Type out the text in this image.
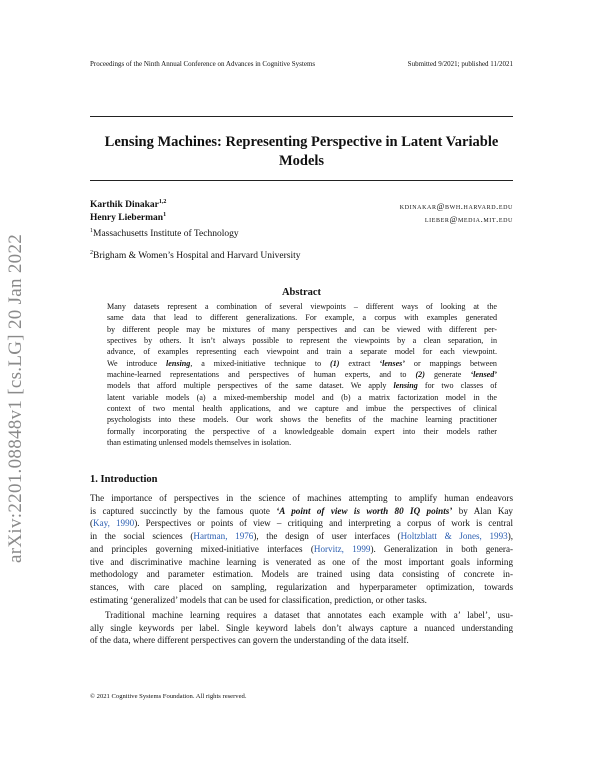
arXiv:2201.08848v1 [cs.LG] 20 Jan 2022
Proceedings of the Ninth Annual Conference on Advances in Cognitive Systems	Submitted 9/2021; published 11/2021
Lensing Machines: Representing Perspective in Latent Variable
Models
Karthik Dinakar$^{1,2}$	kdinakar@bwh.harvard.edu
Henry Lieberman$^1$	lieber@media.mit.edu
$^1$Massachusetts Institute of Technology
$^2$Brigham & Women’s Hospital and Harvard University
Abstract
Many datasets represent a combination of several viewpoints – different ways of looking at the
same data that lead to different generalizations. For example, a corpus with examples generated
by different people may be mixtures of many perspectives and can be viewed with different per-
spectives by others. It isn’t always possible to represent the viewpoints by a clean separation, in
advance, of examples representing each viewpoint and train a separate model for each viewpoint.
We introduce lensing, a mixed-initiative technique to (1) extract ‘lenses’ or mappings between
machine-learned representations and perspectives of human experts, and to (2) generate ‘lensed’
models that afford multiple perspectives of the same dataset. We apply lensing for two classes of
latent variable models (a) a mixed-membership model and (b) a matrix factorization model in the
context of two mental health applications, and we capture and imbue the perspectives of clinical
psychologists into these models. Our work shows the benefits of the machine learning practitioner
formally incorporating the perspective of a knowledgeable domain expert into their models rather
than estimating unlensed models themselves in isolation.
1. Introduction
The importance of perspectives in the science of machines attempting to amplify human endeavors
is captured succinctly by the famous quote ‘A point of view is worth 80 IQ points’ by Alan Kay
(Kay, 1990). Perspectives or points of view – critiquing and interpreting a corpus of work is central
in the social sciences (Hartman, 1976), the design of user interfaces (Holtzblatt & Jones, 1993),
and principles governing mixed-initiative interfaces (Horvitz, 1999). Generalization in both genera-
tive and discriminative machine learning is venerated as one of the most important goals informing
methodology and parameter estimation. Models are trained using data consisting of concrete in-
stances, with care placed on sampling, regularization and hyperparameter optimization, towards
estimating ‘generalized’ models that can be used for classification, prediction, or other tasks.
Traditional machine learning requires a dataset that annotates each example with a’ label’, usu-
ally single keywords per label. Single keyword labels don’t always capture a nuanced understanding
of the data, where different perspectives can govern the understanding of the data itself.
© 2021 Cognitive Systems Foundation. All rights reserved.
